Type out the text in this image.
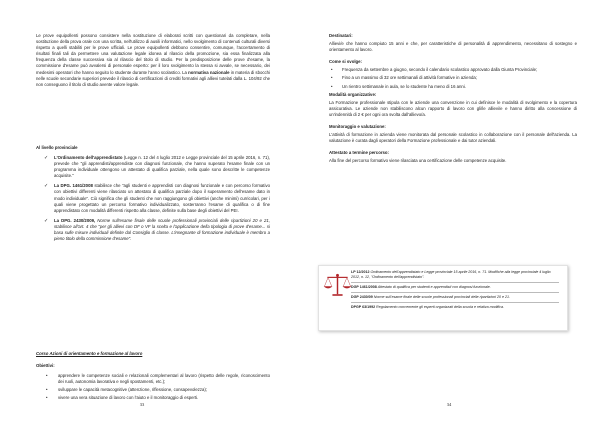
Le prove equipollenti possono consistere nella sostituzione di elaborati scritti con questionari da completare, nella sostituzione della prova orale con una scritta, nell'utilizzo di ausili informatici, nello svolgimento di contenuti culturali diversi rispetto a quelli stabiliti per le prove ufficiali. Le prove equipollenti debbono consentire, comunque, l'accertamento di risultati finali tali da permettere una valutazione legale idonea al rilascio della promozione, sia essa finalizzata alla frequenza della classe successiva sia al rilascio del titolo di studio. Per la predisposizione delle prove d'esame, la commissione d'esame può avvalersi di personale esperto: per il loro svolgimento la stessa si avvale, se necessario, dei medesimi operatori che hanno seguito lo studente durante l'anno scolastico. La normativa nazionale in materia di sbocchi nelle scuole secondarie superiori prevede il rilascio di certificazioni di crediti formativi agli allievi tutelati dalla L. 104/92 che non conseguono il titolo di studio avente valore legale.

Al livello provinciale

✓ L'Ordinamento dell'apprendistato (Legge n. 12 del 4 luglio 2012 e Legge provinciale del 15 aprile 2016, n. 71), prevede che "gli apprendisti/apprendiste con diagnosi funzionale, che hanno superato l'esame finale con un programma individuale ottengono un attestato di qualifica parziale, nella quale sono descritte le competenze acquisite."
✓ La DPG. 1461/2008 stabilisce che "agli studenti e apprendisti con diagnosi funzionale e con percorso formativo con obiettivi differenti viene rilasciato un attestato di qualifica parziale dopo il superamento dell'esame dato in modo individuale". Ciò significa che gli studenti che non raggiungono gli obiettivi (anche minimi) curricolari, per i quali viene progettato un percorso formativo individualizzato, sosterranno l'esame di qualifica o di fine apprendistato con modalità differenti rispetto alla classe, definite sulla base degli obiettivi del PEI.
✓ La DPG. 2430/2009, Norme sull'esame finale delle scuole professionali provinciali delle ripartizioni 20 e 21, stabilisce all'art. 4 che "per gli allievi con DF o VF la scelta e l'applicazione della tipologia di prove d'esame... si basa sulle misure individuali definite dal Consiglio di classe. L'insegnante di formazione individuale è membro a pieno titolo della commissione d'esame".

Corso Azioni di orientamento e formazione al lavoro

Obiettivi:

• apprendere le competenze sociali e relazionali complementari al lavoro (rispetto delle regole, riconoscimento dei ruoli, autonomia lavorativa e negli spostamenti, etc.);
• sviluppare le capacità metacognitive (attenzione, riflessione, consapevolezza);
• vivere una vera situazione di lavoro con l'aiuto e il monitoraggio di esperti.
33

Destinatari:

Allievi/e che hanno compiuto 15 anni e che, per caratteristiche di personalità di apprendimento, necessitano di sostegno e orientamento al lavoro.

Come si svolge:

• Frequenza da settembre a giugno, secondo il calendario scolastico approvato dalla Giunta Provinciale;
• Fino a un massimo di 32 ore settimanali di attività formative in azienda;
• Un rientro settimanale in aula, se lo studente ha meno di 16 anni.

Modalità organizzative:

La Formazione professionale stipula con le aziende una convenzione in cui definisce le modalità di svolgimento e la copertura assicurativa. Le aziende non stabiliscono alcun rapporto di lavoro con gli/le allievi/e e hanno diritto alla concessione di un'indennità di 2 € per ogni ora svolta dall'allievo/a.

Monitoraggio e valutazione:

L'attività di formazione in azienda viene monitorata dal personale scolastico in collaborazione con il personale dell'azienda. La valutazione è curata dagli operatori della Formazione professionale e dai tutor aziendali.

Attestato a termine percorso:

Alla fine del percorso formativo viene rilasciata una certificazione delle competenze acquisite.

34
LP 12/2012 Ordinamento dell'apprendistato e Legge provinciale 15 aprile 2016, n. 71. Modifiche alla legge provinciale 4 luglio 2012, n. 12, "Ordinamento dell'apprendistato".
DGP 1461/2008 Attestato di qualifica per studenti e apprendisti con diagnosi funzionale.
DGP 2430/09 Norme sull'esame finale delle scuole professionali provinciali delle ripartizioni 20 e 21.
DPGP 63/1992 Regolamento concernente gli esperti organizzati della scuola e relativa modifica.
